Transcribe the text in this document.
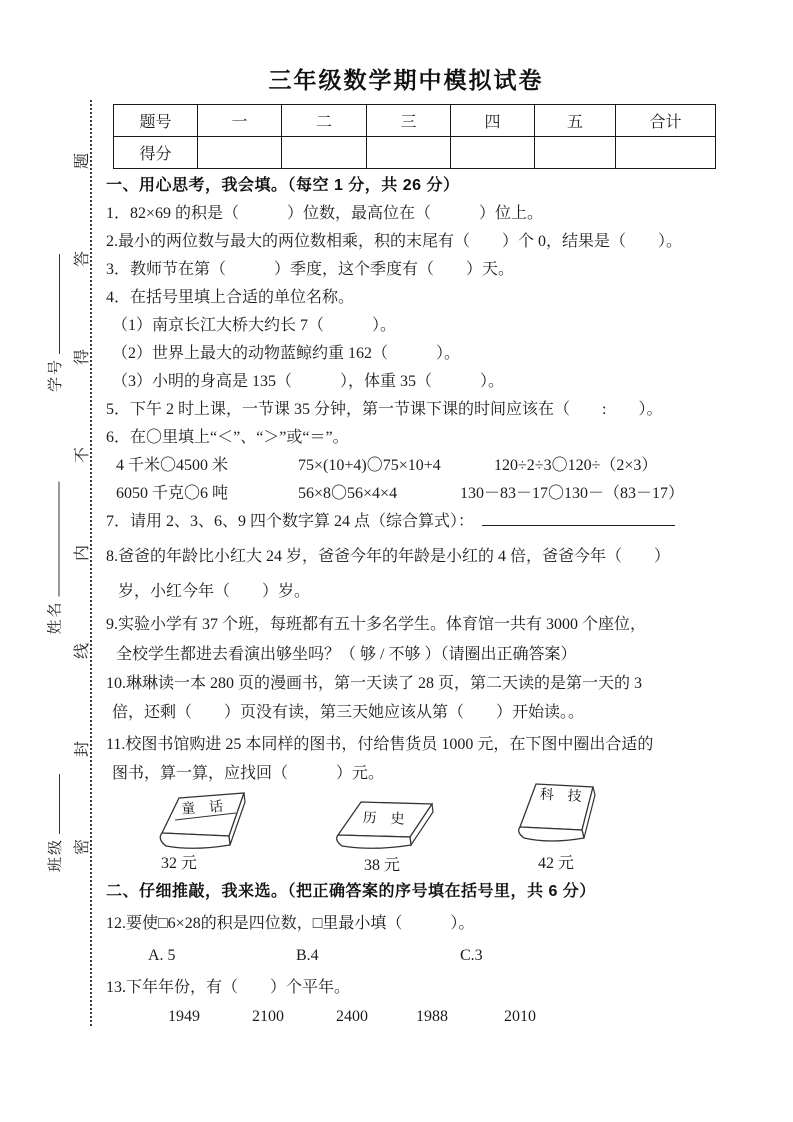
密封线内不得答题
学号
姓名
班级
三年级数学期中模拟试卷
题号	一	二	三	四	五	合计
得分						
一、用心思考，我会填。（每空 1 分，共 26 分）
1．82×69 的积是（　　　）位数，最高位在（　　　）位上。
2.最小的两位数与最大的两位数相乘，积的末尾有（　　）个 0，结果是（　　）。
3．教师节在第（　　　）季度，这个季度有（　　）天。
4．在括号里填上合适的单位名称。
（1）南京长江大桥大约长 7（　　　）。
（2）世界上最大的动物蓝鲸约重 162（　　　）。
（3）小明的身高是 135（　　　），体重 35（　　　）。
5．下午 2 时上课，一节课 35 分钟，第一节课下课的时间应该在（　　:　　）。
6．在〇里填上“＜”、“＞”或“＝”。
4 千米〇4500 米	75×(10+4)〇75×10+4	120÷2÷3〇120÷（2×3）
6050 千克〇6 吨	56×8〇56×4×4	130－83－17〇130－（83－17）
7．请用 2、3、6、9 四个数字算 24 点（综合算式）：
8.爸爸的年龄比小红大 24 岁，爸爸今年的年龄是小红的 4 倍，爸爸今年（　　）
岁，小红今年（　　）岁。
9.实验小学有 37 个班，每班都有五十多名学生。体育馆一共有 3000 个座位，
全校学生都进去看演出够坐吗？（ 够 / 不够 ）（请圈出正确答案）
10.琳琳读一本 280 页的漫画书，第一天读了 28 页，第二天读的是第一天的 3
倍，还剩（　　）页没有读，第三天她应该从第（　　）开始读。。
11.校图书馆购进 25 本同样的图书，付给售货员 1000 元，在下图中圈出合适的
图书，算一算，应找回（　　　）元。
童 话
历 史
科 技
32 元	38 元	42 元
二、仔细推敲，我来选。（把正确答案的序号填在括号里，共 6 分）
12.要使□6×28的积是四位数，□里最小填（　　　）。
A. 5	B.4	C.3
13.下年年份，有（　　）个平年。
1949	2100	2400	1988	2010
